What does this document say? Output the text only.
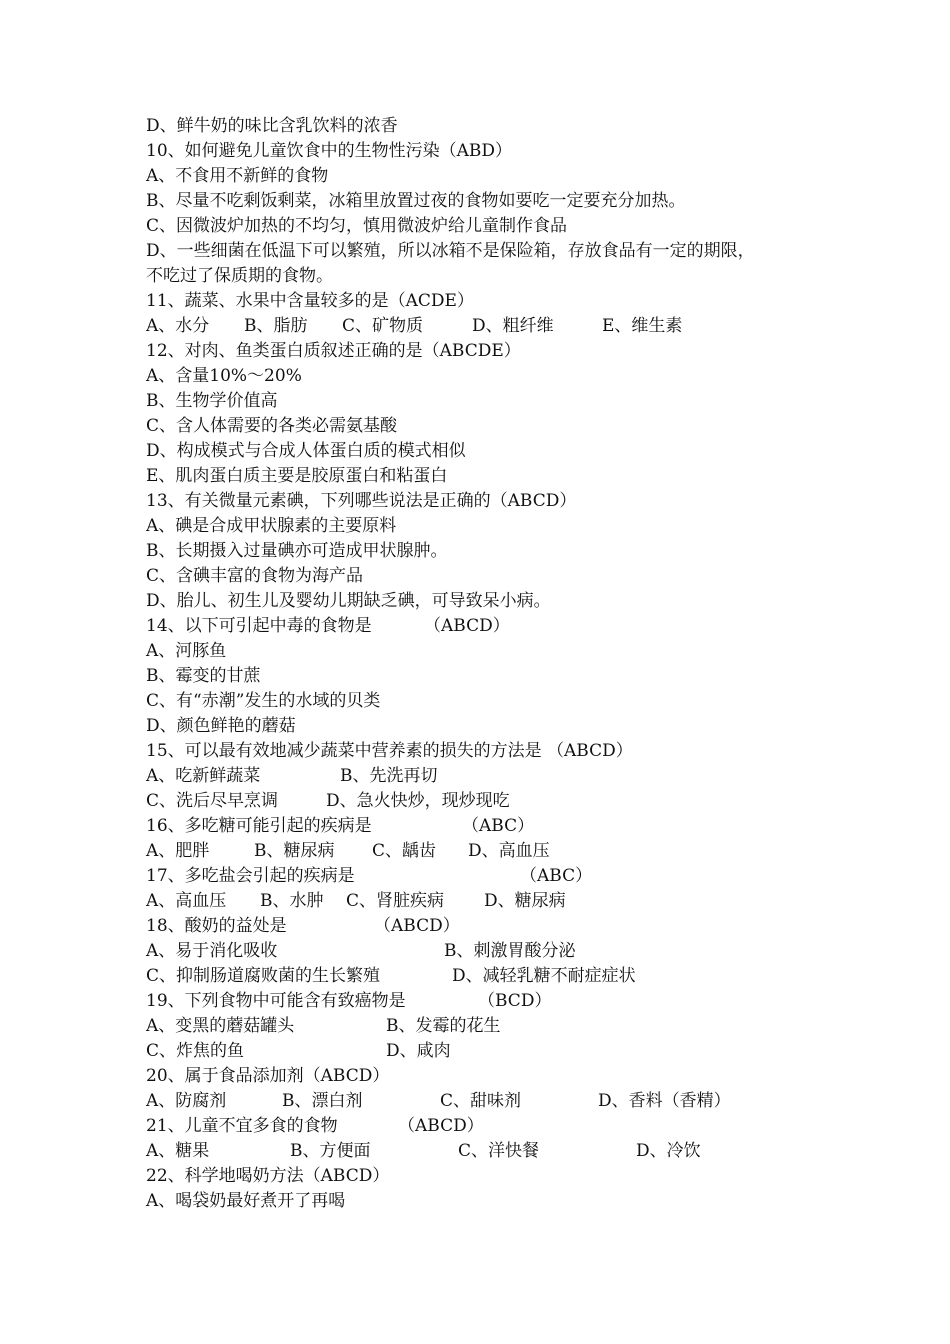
D、鲜牛奶的味比含乳饮料的浓香
10、如何避免儿童饮食中的生物性污染（ABD）
A、不食用不新鲜的食物
B、尽量不吃剩饭剩菜，冰箱里放置过夜的食物如要吃一定要充分加热。
C、因微波炉加热的不均匀，慎用微波炉给儿童制作食品
D、一些细菌在低温下可以繁殖，所以冰箱不是保险箱，存放食品有一定的期限，
不吃过了保质期的食物。
11、蔬菜、水果中含量较多的是（ACDE）
A、水分 B、脂肪 C、矿物质	D、粗纤维	E、维生素
12、对肉、鱼类蛋白质叙述正确的是（ABCDE）
A、含量10%～20%
B、生物学价值高
C、含人体需要的各类必需氨基酸
D、构成模式与合成人体蛋白质的模式相似
E、肌肉蛋白质主要是胶原蛋白和粘蛋白
13、有关微量元素碘，下列哪些说法是正确的（ABCD）
A、碘是合成甲状腺素的主要原料
B、长期摄入过量碘亦可造成甲状腺肿。
C、含碘丰富的食物为海产品
D、胎儿、初生儿及婴幼儿期缺乏碘，可导致呆小病。
14、以下可引起中毒的食物是	（ABCD）
A、河豚鱼
B、霉变的甘蔗
C、有“赤潮”发生的水域的贝类
D、颜色鲜艳的蘑菇
15、可以最有效地减少蔬菜中营养素的损失的方法是 （ABCD）
A、吃新鲜蔬菜	B、先洗再切
C、洗后尽早烹调	D、急火快炒，现炒现吃
16、多吃糖可能引起的疾病是	（ABC）
A、肥胖	B、糖尿病 C、龋齿 D、高血压
17、多吃盐会引起的疾病是	（ABC）
A、高血压 B、水肿 C、肾脏疾病 D、糖尿病
18、酸奶的益处是	（ABCD）
A、易于消化吸收	B、刺激胃酸分泌
C、抑制肠道腐败菌的生长繁殖	D、减轻乳糖不耐症症状
19、下列食物中可能含有致癌物是	（BCD）
A、变黑的蘑菇罐头	B、发霉的花生
C、炸焦的鱼	D、咸肉
20、属于食品添加剂（ABCD）
A、防腐剂	B、漂白剂	C、甜味剂	D、香料（香精）
21、儿童不宜多食的食物	（ABCD）
A、糖果	B、方便面	C、洋快餐	D、冷饮
22、科学地喝奶方法（ABCD）
A、喝袋奶最好煮开了再喝
